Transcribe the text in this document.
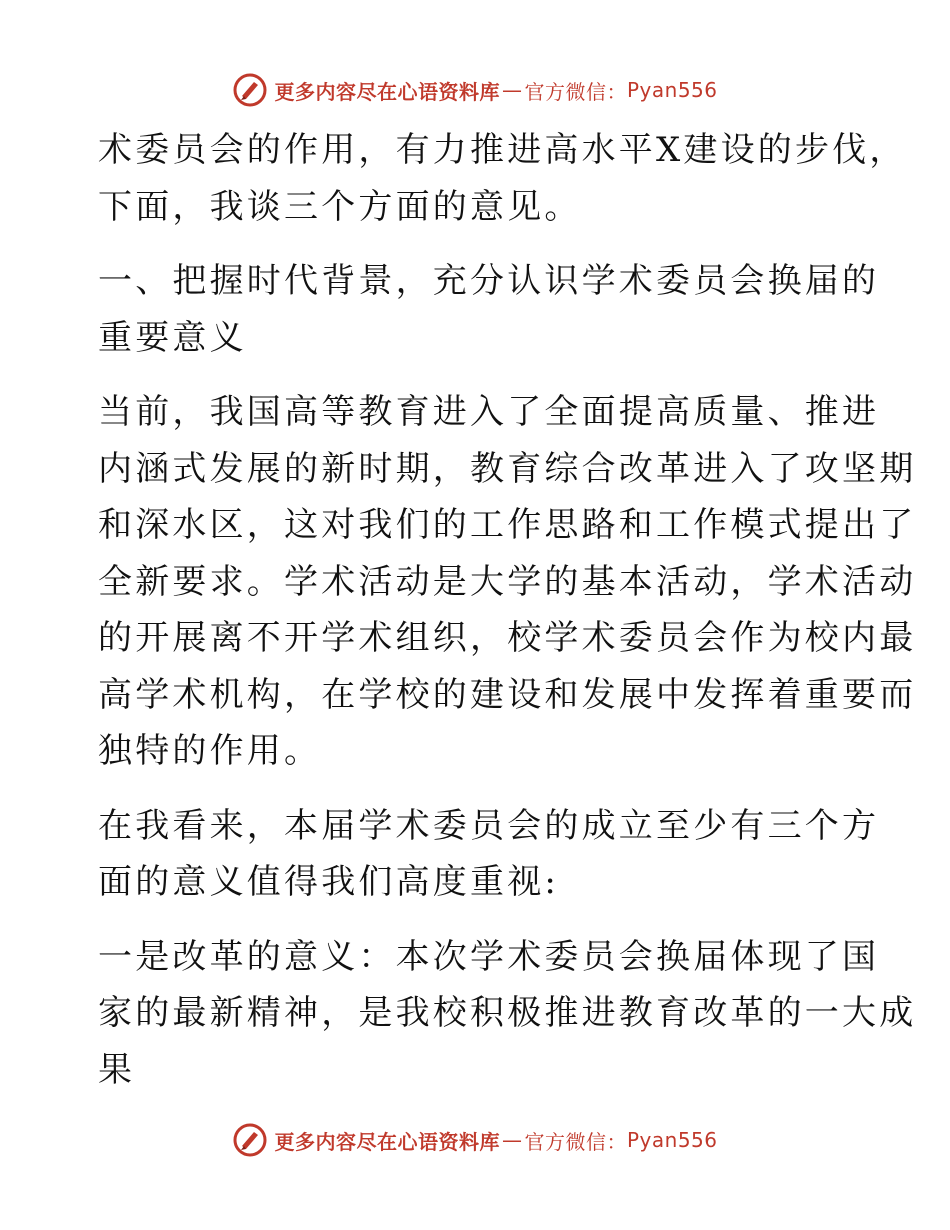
更多内容尽在心语资料库 — 官方微信： Pyan556
术委员会的作用，有力推进高水平X建设的步伐，
下面，我谈三个方面的意见。
一、把握时代背景，充分认识学术委员会换届的
重要意义
当前，我国高等教育进入了全面提高质量、推进
内涵式发展的新时期，教育综合改革进入了攻坚期
和深水区，这对我们的工作思路和工作模式提出了
全新要求。学术活动是大学的基本活动，学术活动
的开展离不开学术组织，校学术委员会作为校内最
高学术机构，在学校的建设和发展中发挥着重要而
独特的作用。
在我看来，本届学术委员会的成立至少有三个方
面的意义值得我们高度重视:
一是改革的意义：本次学术委员会换届体现了国
家的最新精神，是我校积极推进教育改革的一大成
果
更多内容尽在心语资料库 — 官方微信： Pyan556
